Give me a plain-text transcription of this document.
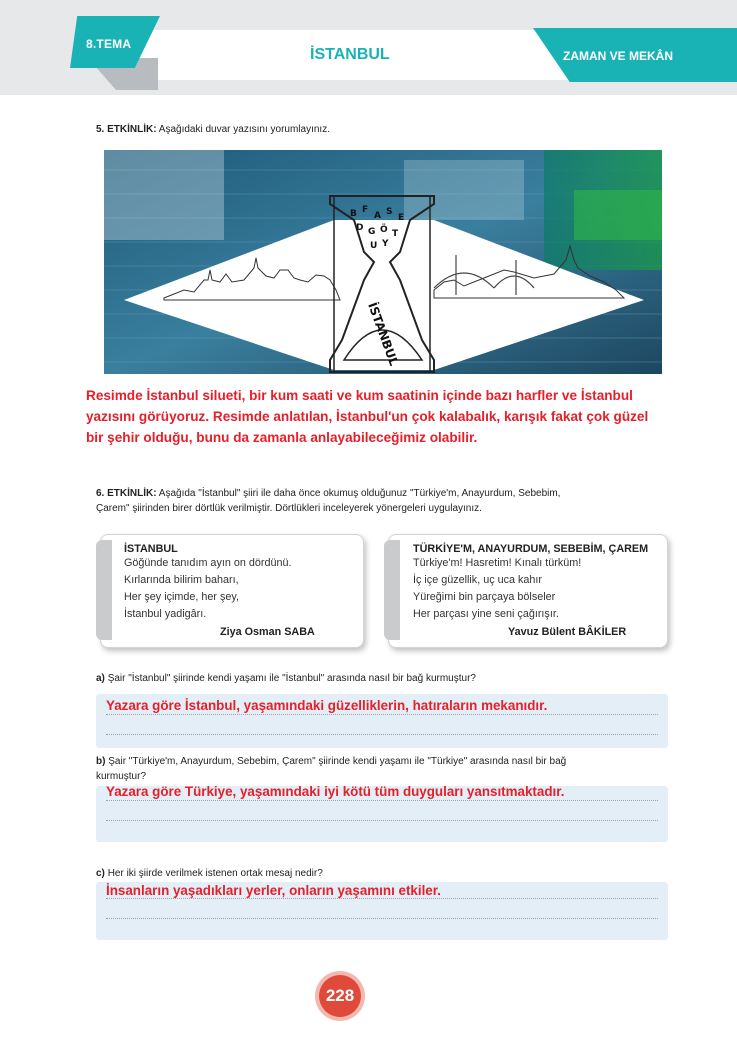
8.TEMA
İSTANBUL	ZAMAN VE MEKÂN
5. ETKİNLİK: Aşağıdaki duvar yazısını yorumlayınız.
B F
A S
E
D G Ö T
U Y
İSTANBUL
Resimde İstanbul silueti, bir kum saati ve kum saatinin içinde bazı harfler ve İstanbul
yazısını görüyoruz. Resimde anlatılan, İstanbul'un çok kalabalık, karışık fakat çok güzel
bir şehir olduğu, bunu da zamanla anlayabileceğimiz olabilir.
6. ETKİNLİK: Aşağıda "İstanbul" şiiri ile daha önce okumuş olduğunuz "Türkiye'm, Anayurdum, Sebebim,
Çarem" şiirinden birer dörtlük verilmiştir. Dörtlükleri inceleyerek yönergeleri uygulayınız.
İSTANBUL
Göğünde tanıdım ayın on dördünü.
Kırlarında bilirim baharı,
Her şey içimde, her şey,
İstanbul yadigârı.
Ziya Osman SABA
TÜRKİYE'M, ANAYURDUM, SEBEBİM, ÇAREM
Türkiye'm! Hasretim! Kınalı türküm!
İç içe güzellik, uç uca kahır
Yüreğimi bin parçaya bölseler
Her parçası yine seni çağırışır.
Yavuz Bülent BÂKİLER
a) Şair "İstanbul" şiirinde kendi yaşamı ile "İstanbul" arasında nasıl bir bağ kurmuştur?
Yazara göre İstanbul, yaşamındaki güzelliklerin, hatıraların mekanıdır.
b) Şair "Türkiye'm, Anayurdum, Sebebim, Çarem" şiirinde kendi yaşamı ile "Türkiye" arasında nasıl bir bağ
kurmuştur?
Yazara göre Türkiye, yaşamındaki iyi kötü tüm duyguları yansıtmaktadır.
c) Her iki şiirde verilmek istenen ortak mesaj nedir?
İnsanların yaşadıkları yerler, onların yaşamını etkiler.
228
